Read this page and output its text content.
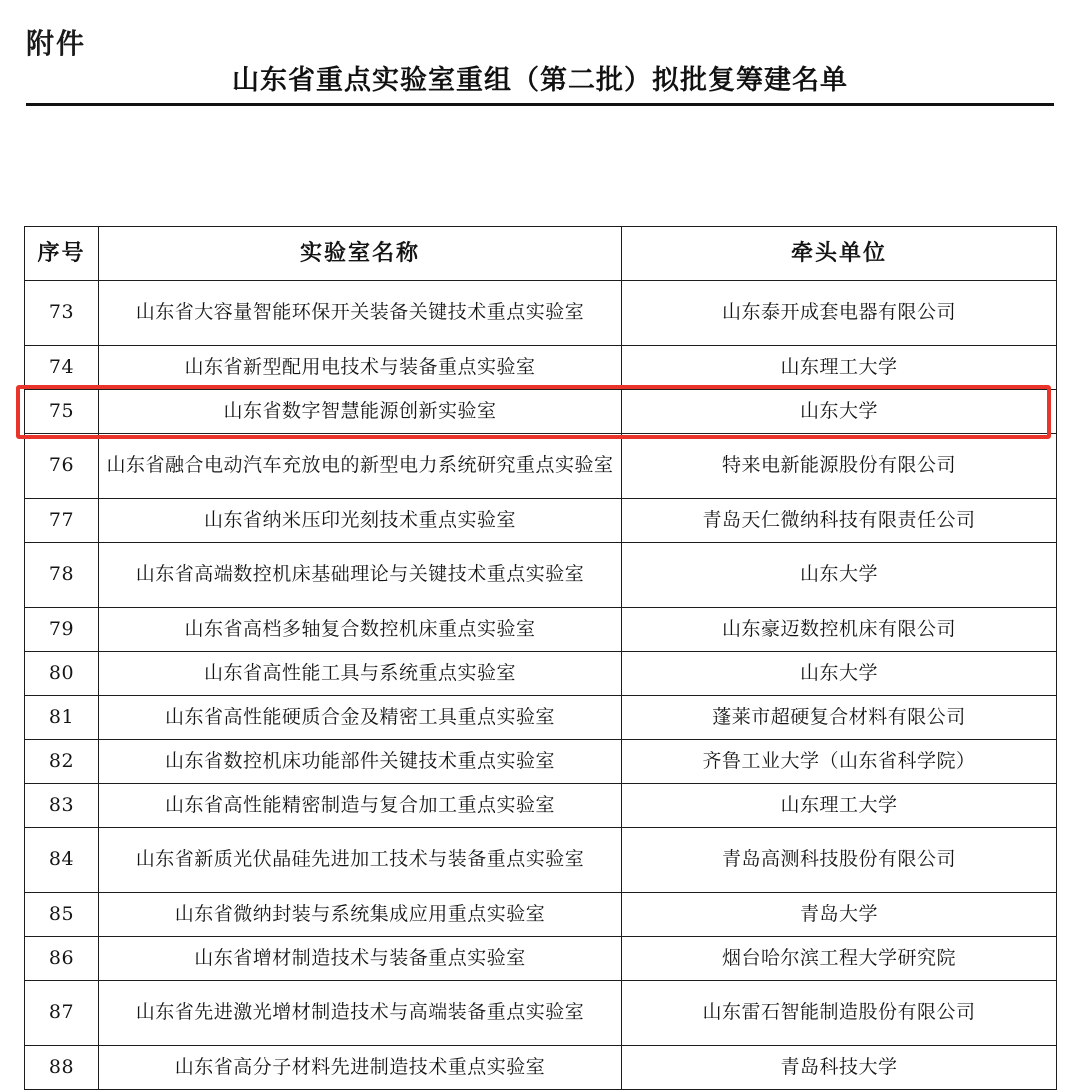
附件
山东省重点实验室重组（第二批）拟批复筹建名单
序号	实验室名称	牵头单位
73	山东省大容量智能环保开关装备关键技术重点实验室	山东泰开成套电器有限公司
74	山东省新型配用电技术与装备重点实验室	山东理工大学
75	山东省数字智慧能源创新实验室	山东大学
76	山东省融合电动汽车充放电的新型电力系统研究重点实验室	特来电新能源股份有限公司
77	山东省纳米压印光刻技术重点实验室	青岛天仁微纳科技有限责任公司
78	山东省高端数控机床基础理论与关键技术重点实验室	山东大学
79	山东省高档多轴复合数控机床重点实验室	山东豪迈数控机床有限公司
80	山东省高性能工具与系统重点实验室	山东大学
81	山东省高性能硬质合金及精密工具重点实验室	蓬莱市超硬复合材料有限公司
82	山东省数控机床功能部件关键技术重点实验室	齐鲁工业大学（山东省科学院）
83	山东省高性能精密制造与复合加工重点实验室	山东理工大学
84	山东省新质光伏晶硅先进加工技术与装备重点实验室	青岛高测科技股份有限公司
85	山东省微纳封装与系统集成应用重点实验室	青岛大学
86	山东省增材制造技术与装备重点实验室	烟台哈尔滨工程大学研究院
87	山东省先进激光增材制造技术与高端装备重点实验室	山东雷石智能制造股份有限公司
88	山东省高分子材料先进制造技术重点实验室	青岛科技大学
